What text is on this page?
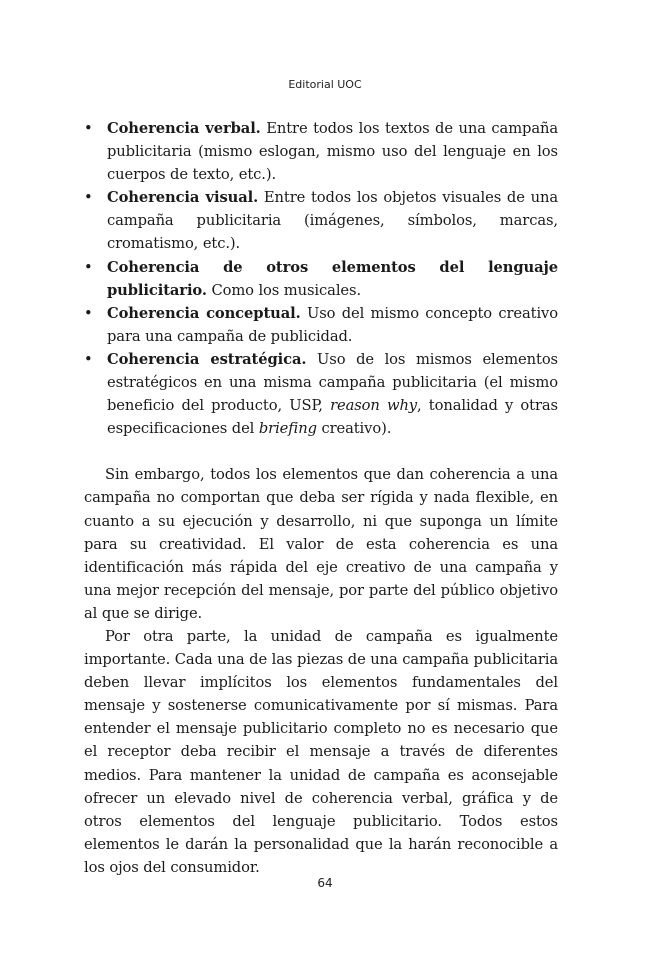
Editorial UOC
• Coherencia verbal. Entre todos los textos de una campaña publicitaria (mismo eslogan, mismo uso del lenguaje en los cuerpos de texto, etc.).
• Coherencia visual. Entre todos los objetos visuales de una campaña publicitaria (imágenes, símbolos, marcas, cromatismo, etc.).
• Coherencia de otros elementos del lenguaje publicitario. Como los musicales.
• Coherencia conceptual. Uso del mismo concepto creativo para una campaña de publicidad.
• Coherencia estratégica. Uso de los mismos elementos estratégicos en una misma campaña publicitaria (el mismo beneficio del producto, USP, reason why, tonalidad y otras especificaciones del briefing creativo).

Sin embargo, todos los elementos que dan coherencia a una campaña no comportan que deba ser rígida y nada flexible, en cuanto a su ejecución y desarrollo, ni que suponga un límite para su creatividad. El valor de esta coherencia es una identificación más rápida del eje creativo de una campaña y una mejor recepción del mensaje, por parte del público objetivo al que se dirige.

Por otra parte, la unidad de campaña es igualmente importante. Cada una de las piezas de una campaña publicitaria deben llevar implícitos los elementos fundamentales del mensaje y sostenerse comunicativamente por sí mismas. Para entender el mensaje publicitario completo no es necesario que el receptor deba recibir el mensaje a través de diferentes medios. Para mantener la unidad de campaña es aconsejable ofrecer un elevado nivel de coherencia verbal, gráfica y de otros elementos del lenguaje publicitario. Todos estos elementos le darán la personalidad que la harán reconocible a los ojos del consumidor.

64
